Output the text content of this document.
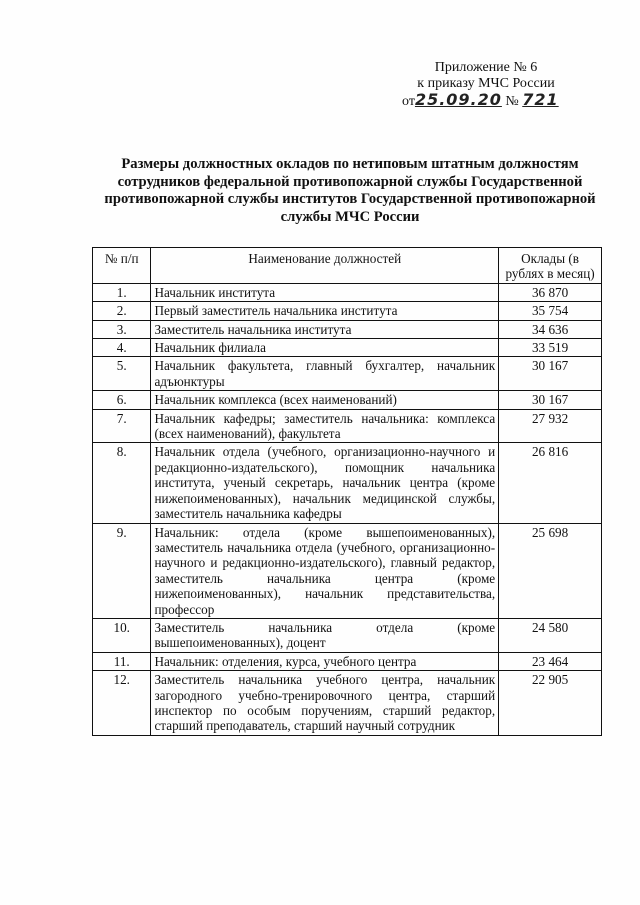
Приложение № 6
к приказу МЧС России
от25.09.20 № 721
Размеры должностных окладов по нетиповым штатным должностям сотрудников федеральной противопожарной службы Государственной противопожарной службы институтов Государственной противопожарной службы МЧС России
№ п/п	Наименование должностей	Оклады (в рублях в месяц)
1.	Начальник института	36 870
2.	Первый заместитель начальника института	35 754
3.	Заместитель начальника института	34 636
4.	Начальник филиала	33 519
5.	Начальник факультета, главный бухгалтер, начальник адъюнктуры	30 167
6.	Начальник комплекса (всех наименований)	30 167
7.	Начальник кафедры; заместитель начальника: комплекса (всех наименований), факультета	27 932
8.	Начальник отдела (учебного, организационно-научного и редакционно-издательского), помощник начальника института, ученый секретарь, начальник центра (кроме нижепоименованных), начальник медицинской службы, заместитель начальника кафедры	26 816
9.	Начальник: отдела (кроме вышепоименованных), заместитель начальника отдела (учебного, организационно-научного и редакционно-издательского), главный редактор, заместитель начальника центра (кроме нижепоименованных), начальник представительства, профессор	25 698
10.	Заместитель начальника отдела (кроме вышепоименованных), доцент	24 580
11.	Начальник: отделения, курса, учебного центра	23 464
12.	Заместитель начальника учебного центра, начальник загородного учебно-тренировочного центра, старший инспектор по особым поручениям, старший редактор, старший преподаватель, старший научный сотрудник	22 905
